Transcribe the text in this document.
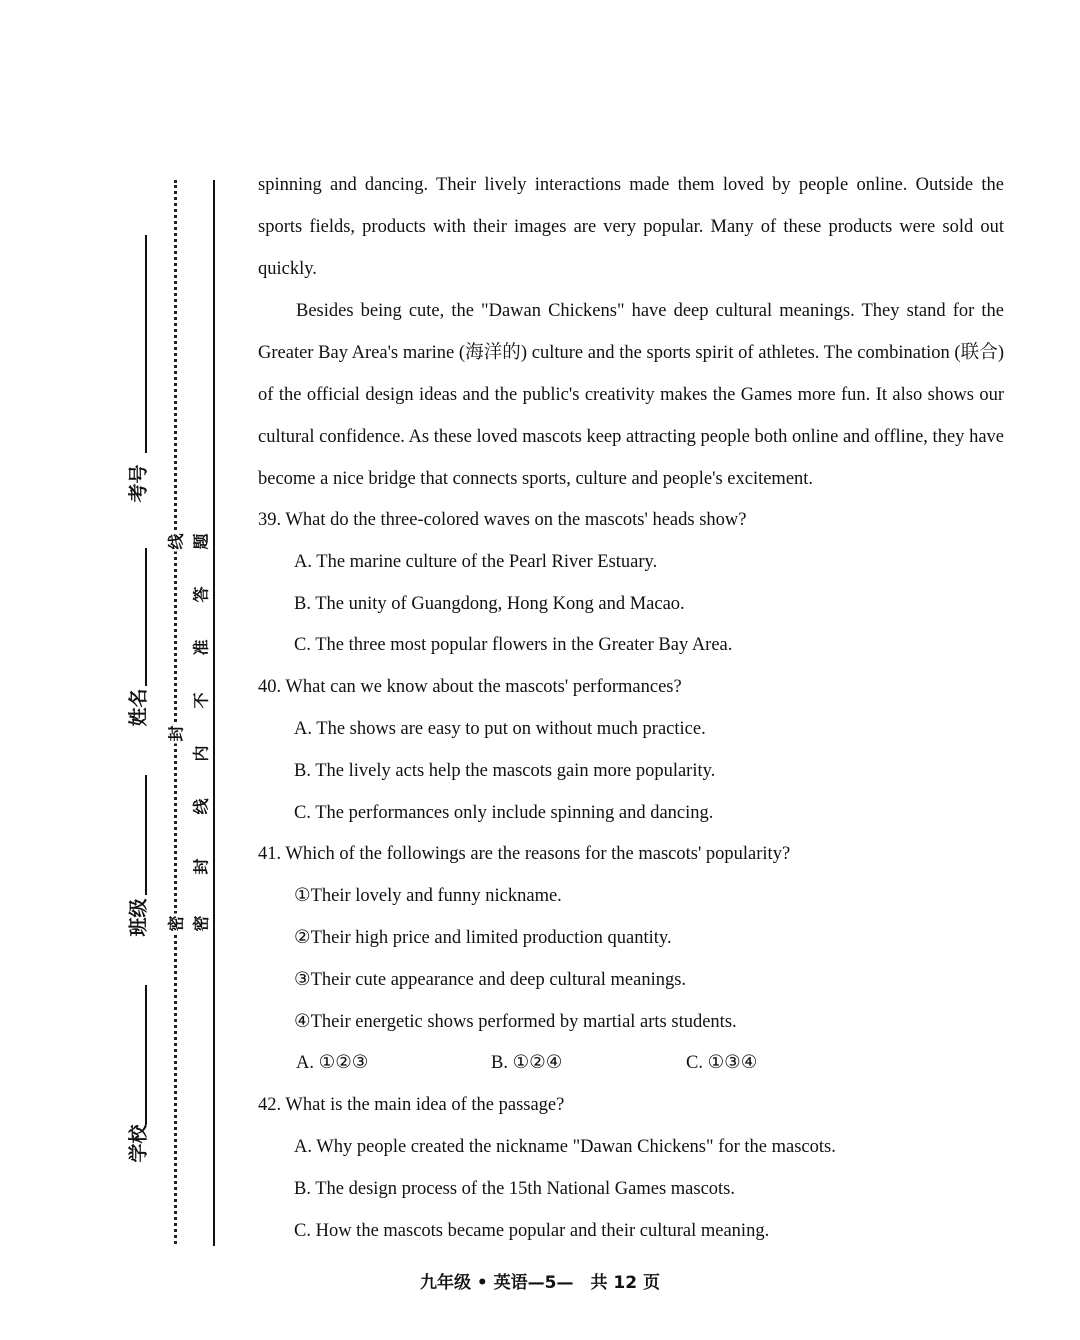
考号
姓名
班级
学校
线
封
密
题
答
准
不
内
线
封
密

spinning and dancing. Their lively interactions made them loved by people online. Outside the sports fields, products with their images are very popular. Many of these products were sold out quickly.

Besides being cute, the "Dawan Chickens" have deep cultural meanings. They stand for the Greater Bay Area's marine (海洋的) culture and the sports spirit of athletes. The combination (联合) of the official design ideas and the public's creativity makes the Games more fun. It also shows our cultural confidence. As these loved mascots keep attracting people both online and offline, they have become a nice bridge that connects sports, culture and people's excitement.

39. What do the three-colored waves on the mascots' heads show?

A. The marine culture of the Pearl River Estuary.

B. The unity of Guangdong, Hong Kong and Macao.

C. The three most popular flowers in the Greater Bay Area.

40. What can we know about the mascots' performances?

A. The shows are easy to put on without much practice.

B. The lively acts help the mascots gain more popularity.

C. The performances only include spinning and dancing.

41. Which of the followings are the reasons for the mascots' popularity?

①Their lovely and funny nickname.

②Their high price and limited production quantity.

③Their cute appearance and deep cultural meanings.

④Their energetic shows performed by martial arts students.

A. ①②③	B. ①②④	C. ①③④

42. What is the main idea of the passage?

A. Why people created the nickname "Dawan Chickens" for the mascots.

B. The design process of the 15th National Games mascots.

C. How the mascots became popular and their cultural meaning.

九年级 • 英语—5—　共 12 页
